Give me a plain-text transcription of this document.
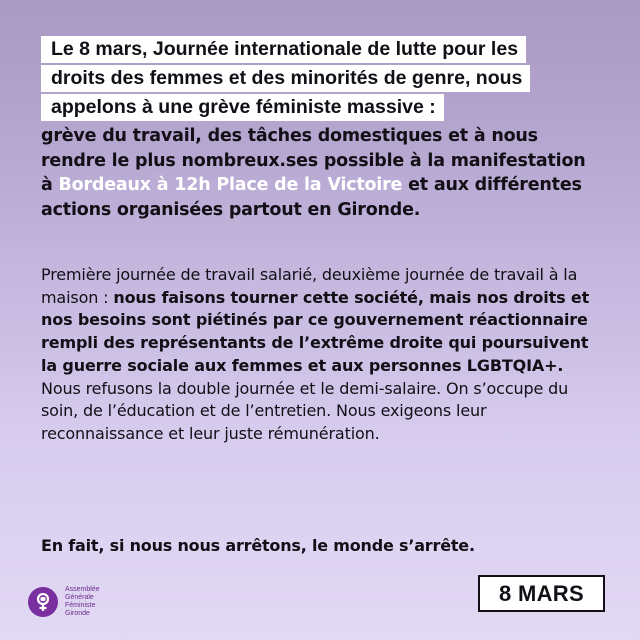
Le 8 mars, Journée internationale de lutte pour les
droits des femmes et des minorités de genre, nous
appelons à une grève féministe massive :
grève du travail, des tâches domestiques et à nous rendre le plus nombreux.ses possible à la manifestation à Bordeaux à 12h Place de la Victoire et aux différentes actions organisées partout en Gironde.
Première journée de travail salarié, deuxième journée de travail à la maison : nous faisons tourner cette société, mais nos droits et nos besoins sont piétinés par ce gouvernement réactionnaire rempli des représentants de l’extrême droite qui poursuivent la guerre sociale aux femmes et aux personnes LGBTQIA+. Nous refusons la double journée et le demi-salaire. On s’occupe du soin, de l’éducation et de l’entretien. Nous exigeons leur reconnaissance et leur juste rémunération.
En fait, si nous nous arrêtons, le monde s’arrête.
Assemblée
Générale
Féministe
Gironde
8 MARS
